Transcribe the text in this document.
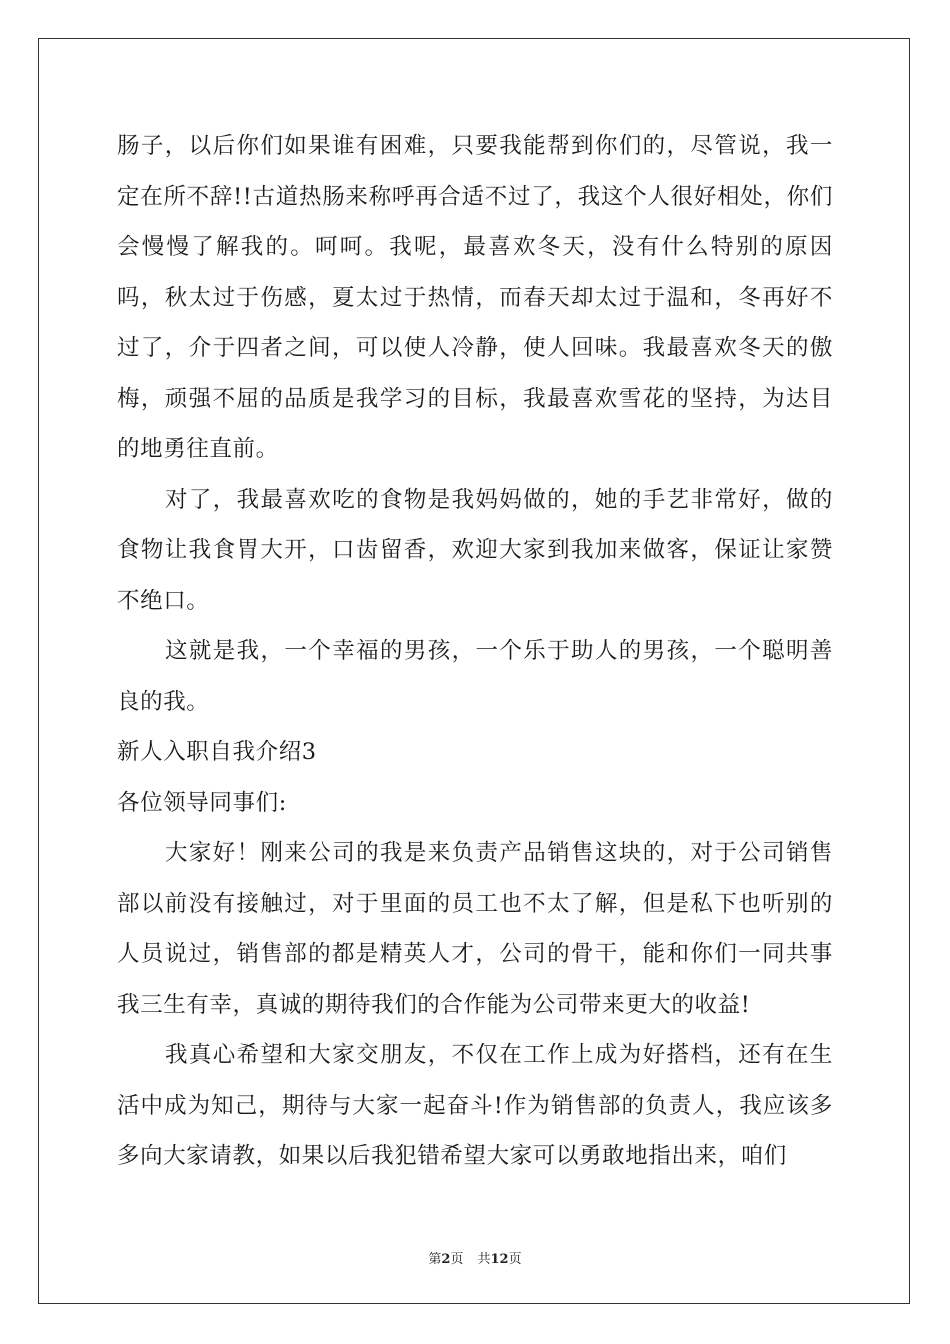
肠子，以后你们如果谁有困难，只要我能帮到你们的，尽管说，我一定在所不辞!!古道热肠来称呼再合适不过了，我这个人很好相处，你们会慢慢了解我的。呵呵。我呢，最喜欢冬天，没有什么特别的原因吗，秋太过于伤感，夏太过于热情，而春天却太过于温和，冬再好不过了，介于四者之间，可以使人冷静，使人回味。我最喜欢冬天的傲梅，顽强不屈的品质是我学习的目标，我最喜欢雪花的坚持，为达目的地勇往直前。

对了，我最喜欢吃的食物是我妈妈做的，她的手艺非常好，做的食物让我食胃大开，口齿留香，欢迎大家到我加来做客，保证让家赞不绝口。

这就是我，一个幸福的男孩，一个乐于助人的男孩，一个聪明善良的我。

新人入职自我介绍3

各位领导同事们:

大家好！刚来公司的我是来负责产品销售这块的，对于公司销售部以前没有接触过，对于里面的员工也不太了解，但是私下也听别的人员说过，销售部的都是精英人才，公司的骨干，能和你们一同共事我三生有幸，真诚的期待我们的合作能为公司带来更大的收益!

我真心希望和大家交朋友，不仅在工作上成为好搭档，还有在生活中成为知己，期待与大家一起奋斗!作为销售部的负责人，我应该多多向大家请教，如果以后我犯错希望大家可以勇敢地指出来，咱们

第2页 共12页
